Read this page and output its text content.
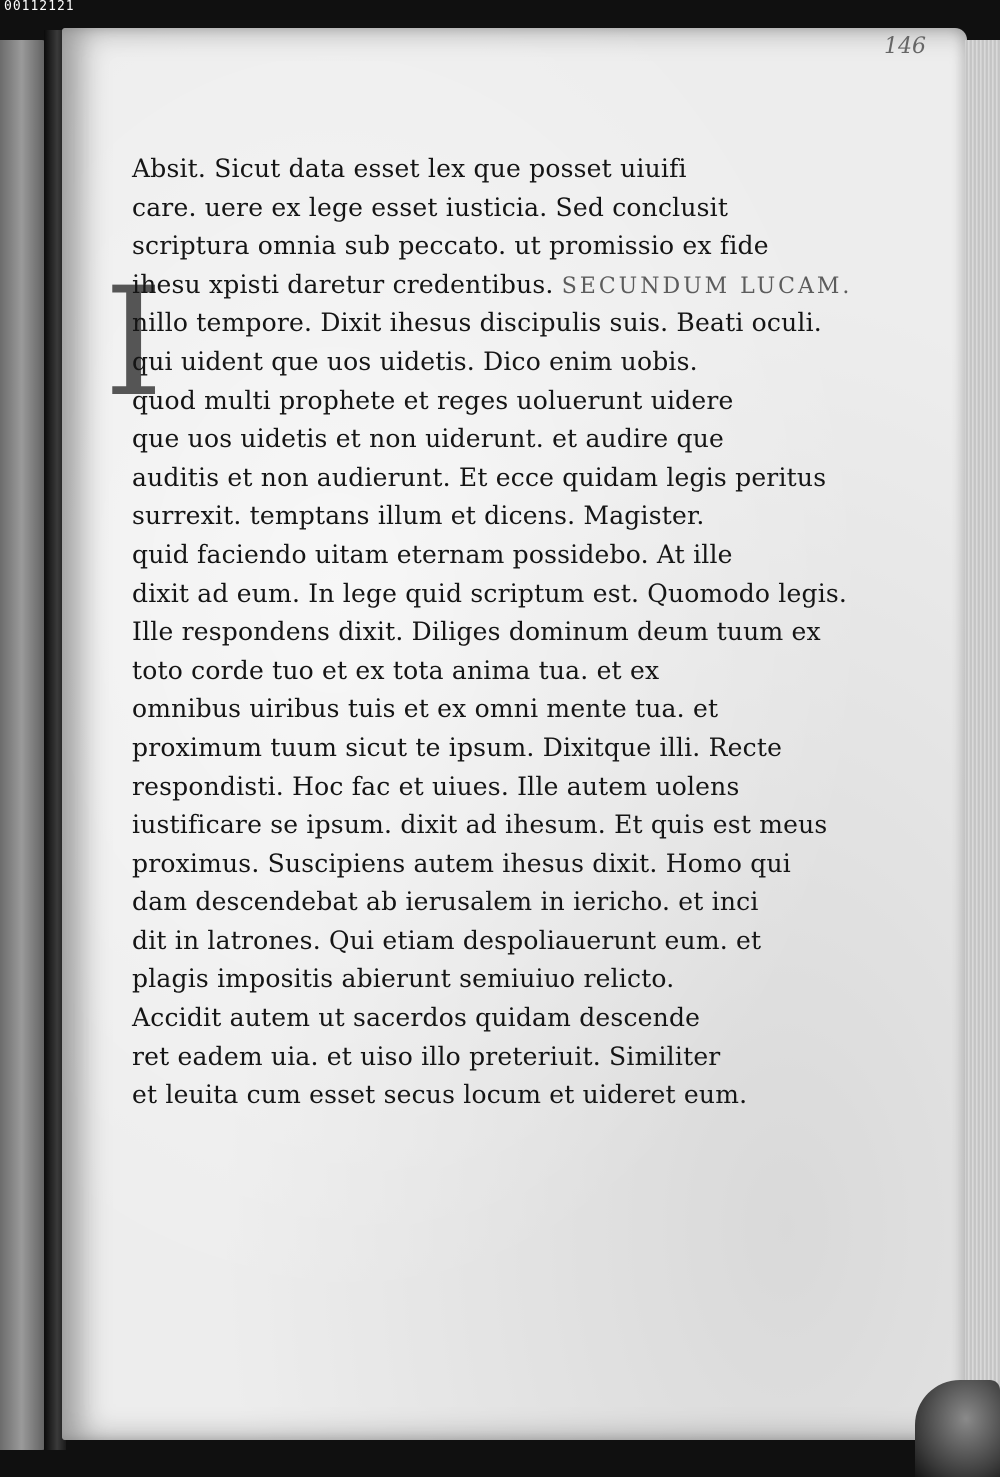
00112121
146
I
Absit. Sicut data esset lex que posset uiuifi
care. uere ex lege esset iusticia. Sed conclusit
scriptura omnia sub peccato. ut promissio ex fide
ihesu xpisti daretur credentibus. SECUNDUM LUCAM.
nillo tempore. Dixit ihesus discipulis suis. Beati oculi.
qui uident que uos uidetis. Dico enim uobis.
quod multi prophete et reges uoluerunt uidere
que uos uidetis et non uiderunt. et audire que
auditis et non audierunt. Et ecce quidam legis peritus
surrexit. temptans illum et dicens. Magister.
quid faciendo uitam eternam possidebo. At ille
dixit ad eum. In lege quid scriptum est. Quomodo legis.
Ille respondens dixit. Diliges dominum deum tuum ex
toto corde tuo et ex tota anima tua. et ex
omnibus uiribus tuis et ex omni mente tua. et
proximum tuum sicut te ipsum. Dixitque illi. Recte
respondisti. Hoc fac et uiues. Ille autem uolens
iustificare se ipsum. dixit ad ihesum. Et quis est meus
proximus. Suscipiens autem ihesus dixit. Homo qui
dam descendebat ab ierusalem in iericho. et inci
dit in latrones. Qui etiam despoliauerunt eum. et
plagis impositis abierunt semiuiuo relicto.
Accidit autem ut sacerdos quidam descende
ret eadem uia. et uiso illo preteriuit. Similiter
et leuita cum esset secus locum et uideret eum.
